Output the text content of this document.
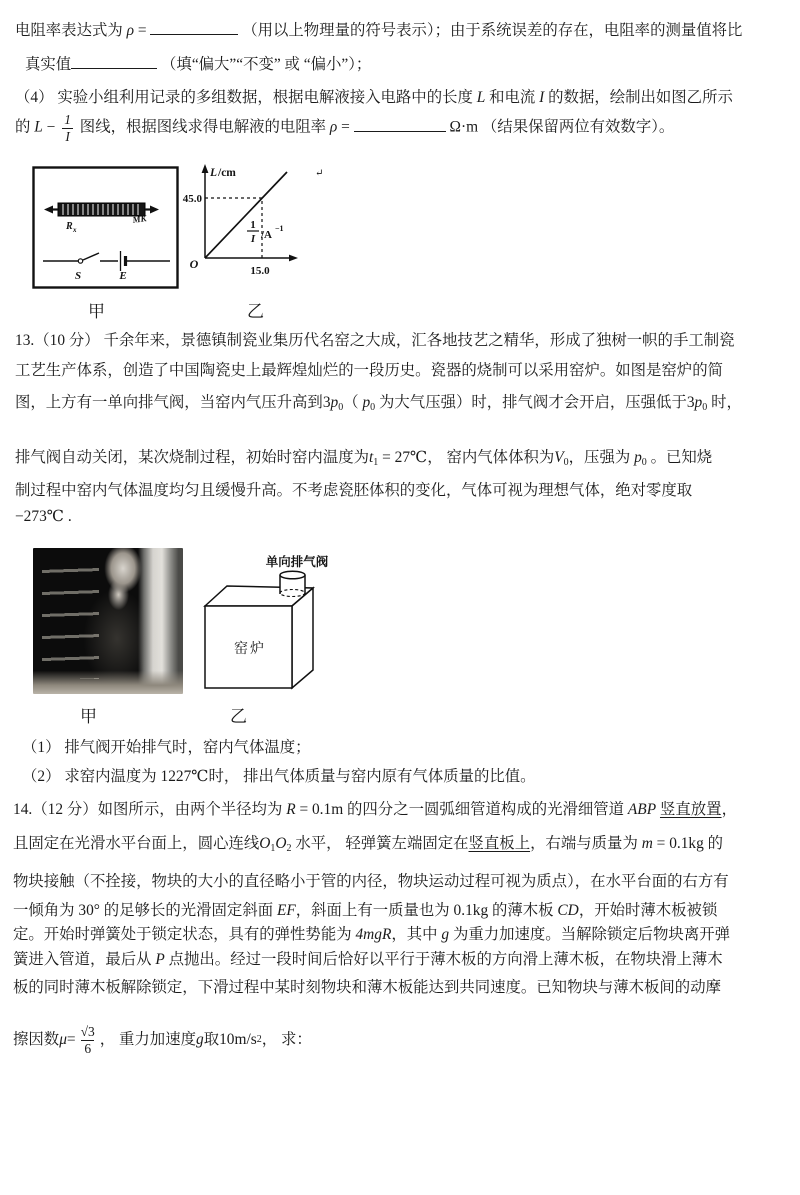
电阻率表达式为 ρ =	（用以上物理量的符号表示）；由于系统误差的存在，电阻率的测量值将比
真实值	（填“偏大”“不变” 或 “偏小”）；
（4） 实验小组利用记录的多组数据，根据电解液接入电路中的长度 L 和电流 I 的数据，绘制出如图乙所示
的 $L - \frac{1}{I}$ 图线，根据图线求得电解液的电阻率 ρ =	Ω·m （结果保留两位有效数字）。
R x
MK
S	E
L /cm
45.0
O	15.0
1
I /A
−1
↵
甲	乙
13.（10 分） 千余年来，景德镇制瓷业集历代名窑之大成，汇各地技艺之精华，形成了独树一帜的手工制瓷
工艺生产体系，创造了中国陶瓷史上最辉煌灿烂的一段历史。瓷器的烧制可以采用窑炉。如图是窑炉的简
图，上方有一单向排气阀，当窑内气压升高到3p0（ p0 为大气压强）时，排气阀才会开启，压强低于3p0 时，
排气阀自动关闭，某次烧制过程，初始时窑内温度为t1 = 27℃， 窑内气体体积为V0，压强为 p0 。已知烧
制过程中窑内气体温度均匀且缓慢升高。不考虑瓷胚体积的变化，气体可视为理想气体，绝对零度取
−273℃ .
单向排气阀
窑炉
甲	乙
（1） 排气阀开始排气时，窑内气体温度；
（2） 求窑内温度为 1227℃时， 排出气体质量与窑内原有气体质量的比值。
14.（12 分）如图所示，由两个半径均为 R = 0.1m 的四分之一圆弧细管道构成的光滑细管道 ABP 竖直放置，
且固定在光滑水平台面上，圆心连线O1O2 水平， 轻弹簧左端固定在竖直板上，右端与质量为 m = 0.1kg 的
物块接触（不拴接，物块的大小的直径略小于管的内径，物块运动过程可视为质点），在水平台面的右方有
一倾角为 30° 的足够长的光滑固定斜面 EF，斜面上有一质量也为 0.1kg 的薄木板 CD，开始时薄木板被锁
定。开始时弹簧处于锁定状态，具有的弹性势能为 4mgR，其中 g 为重力加速度。当解除锁定后物块离开弹
簧进入管道，最后从 P 点抛出。经过一段时间后恰好以平行于薄木板的方向滑上薄木板，在物块滑上薄木
板的同时薄木板解除锁定，下滑过程中某时刻物块和薄木板能达到共同速度。已知物块与薄木板间的动摩
擦因数 $\mu = \frac{√3}{6}$ ， 重力加速度 g 取10m/s 2 ， 求：
